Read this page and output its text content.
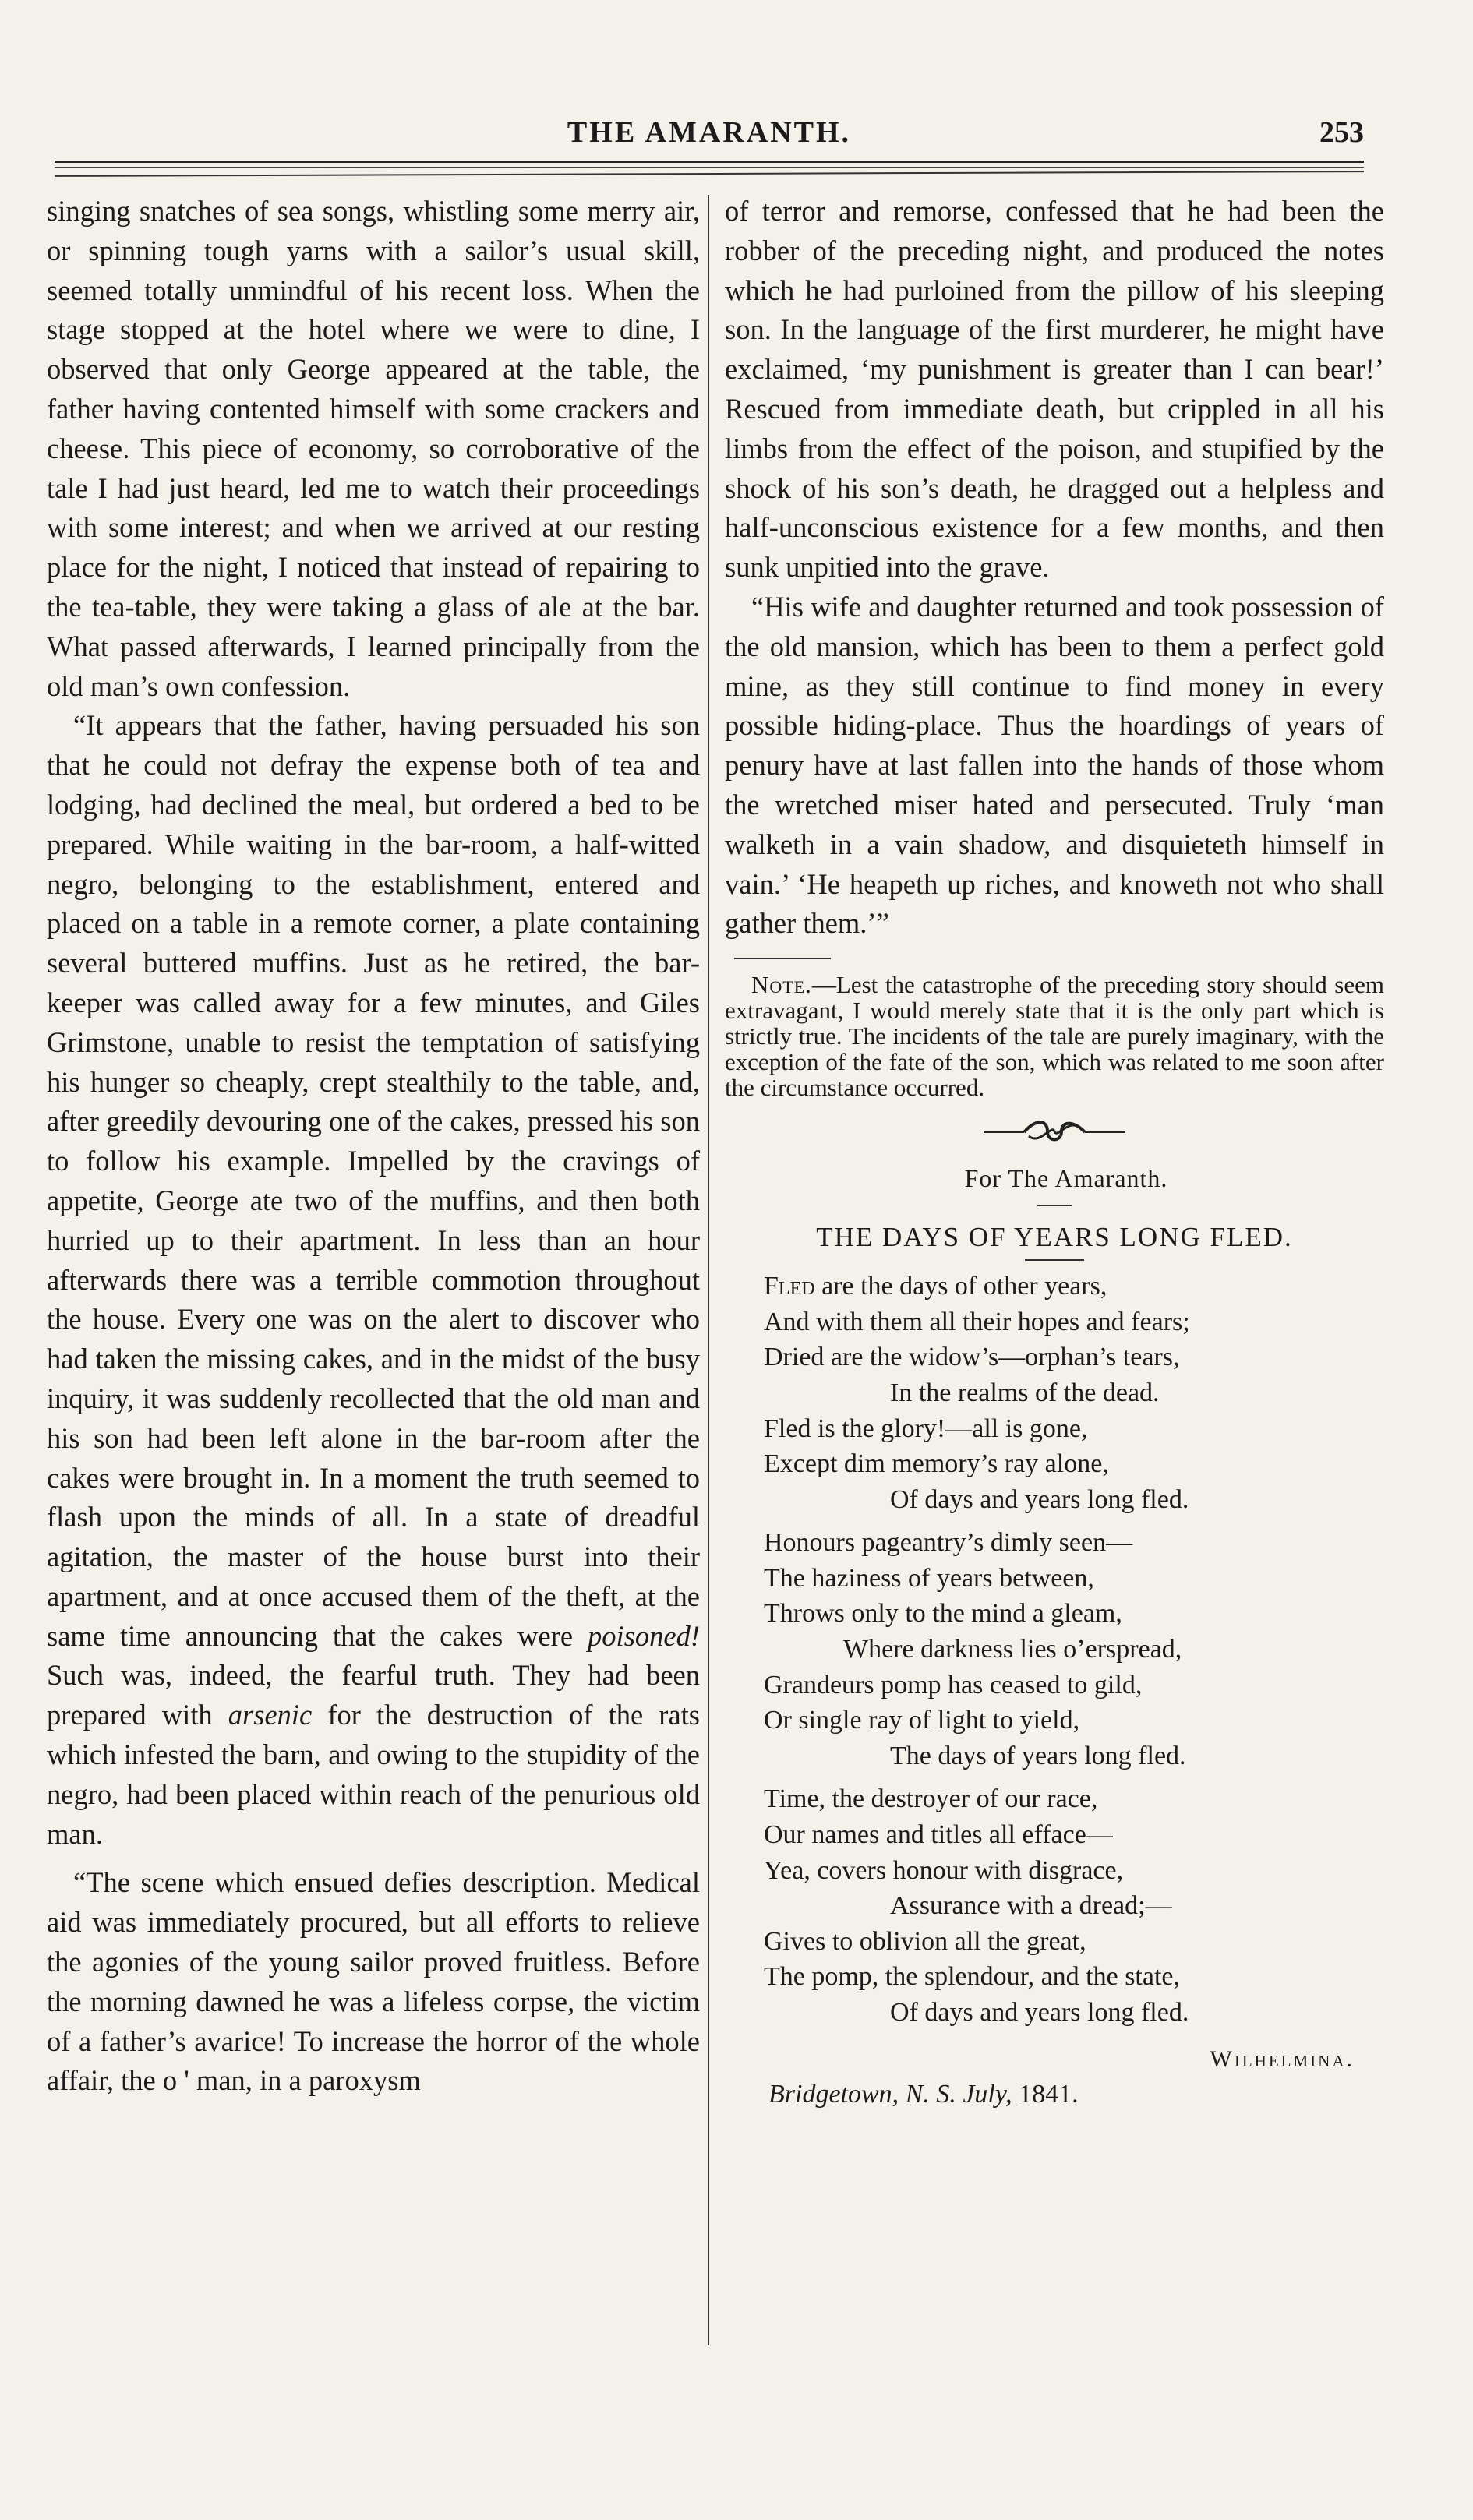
THE AMARANTH.	253

singing snatches of sea songs, whistling some merry air, or spinning tough yarns with a sailor’s usual skill, seemed totally unmindful of his recent loss. When the stage stopped at the hotel where we were to dine, I observed that only George appeared at the table, the father having contented himself with some crackers and cheese. This piece of economy, so corroborative of the tale I had just heard, led me to watch their proceedings with some interest; and when we arrived at our resting place for the night, I noticed that instead of repairing to the tea-table, they were taking a glass of ale at the bar. What passed afterwards, I learned principally from the old man’s own confession.

“It appears that the father, having persuaded his son that he could not defray the expense both of tea and lodging, had declined the meal, but ordered a bed to be prepared. While waiting in the bar-room, a half-witted negro, belonging to the establishment, entered and placed on a table in a remote corner, a plate containing several buttered muffins. Just as he retired, the bar-keeper was called away for a few minutes, and Giles Grimstone, unable to resist the temptation of satisfying his hunger so cheaply, crept stealthily to the table, and, after greedily devouring one of the cakes, pressed his son to follow his example. Impelled by the cravings of appetite, George ate two of the muffins, and then both hurried up to their apartment. In less than an hour afterwards there was a terrible commotion throughout the house. Every one was on the alert to discover who had taken the missing cakes, and in the midst of the busy inquiry, it was suddenly recollected that the old man and his son had been left alone in the bar-room after the cakes were brought in. In a moment the truth seemed to flash upon the minds of all. In a state of dreadful agitation, the master of the house burst into their apartment, and at once accused them of the theft, at the same time announcing that the cakes were poisoned! Such was, indeed, the fearful truth. They had been prepared with arsenic for the destruction of the rats which infested the barn, and owing to the stupidity of the negro, had been placed within reach of the penurious old man.

“The scene which ensued defies description. Medical aid was immediately procured, but all efforts to relieve the agonies of the young sailor proved fruitless. Before the morning dawned he was a lifeless corpse, the victim of a father’s avarice! To increase the horror of the whole affair, the o ' man, in a paroxysm

of terror and remorse, confessed that he had been the robber of the preceding night, and produced the notes which he had purloined from the pillow of his sleeping son. In the language of the first murderer, he might have exclaimed, ‘my punishment is greater than I can bear!’ Rescued from immediate death, but crippled in all his limbs from the effect of the poison, and stupified by the shock of his son’s death, he dragged out a helpless and half-unconscious existence for a few months, and then sunk unpitied into the grave.

“His wife and daughter returned and took possession of the old mansion, which has been to them a perfect gold mine, as they still continue to find money in every possible hiding-place. Thus the hoardings of years of penury have at last fallen into the hands of those whom the wretched miser hated and persecuted. Truly ‘man walketh in a vain shadow, and disquieteth himself in vain.’ ‘He heapeth up riches, and knoweth not who shall gather them.’”

Note.—Lest the catastrophe of the preceding story should seem extravagant, I would merely state that it is the only part which is strictly true. The incidents of the tale are purely imaginary, with the exception of the fate of the son, which was related to me soon after the circumstance occurred.

For The Amaranth.
THE DAYS OF YEARS LONG FLED.
Fled are the days of other years,
And with them all their hopes and fears;
Dried are the widow’s—orphan’s tears,
In the realms of the dead.
Fled is the glory!—all is gone,
Except dim memory’s ray alone,
Of days and years long fled.
Honours pageantry’s dimly seen—
The haziness of years between,
Throws only to the mind a gleam,
Where darkness lies o’erspread,
Grandeurs pomp has ceased to gild,
Or single ray of light to yield,
The days of years long fled.
Time, the destroyer of our race,
Our names and titles all efface—
Yea, covers honour with disgrace,
Assurance with a dread;—
Gives to oblivion all the great,
The pomp, the splendour, and the state,
Of days and years long fled.
Wilhelmina.
Bridgetown, N. S. July, 1841.
